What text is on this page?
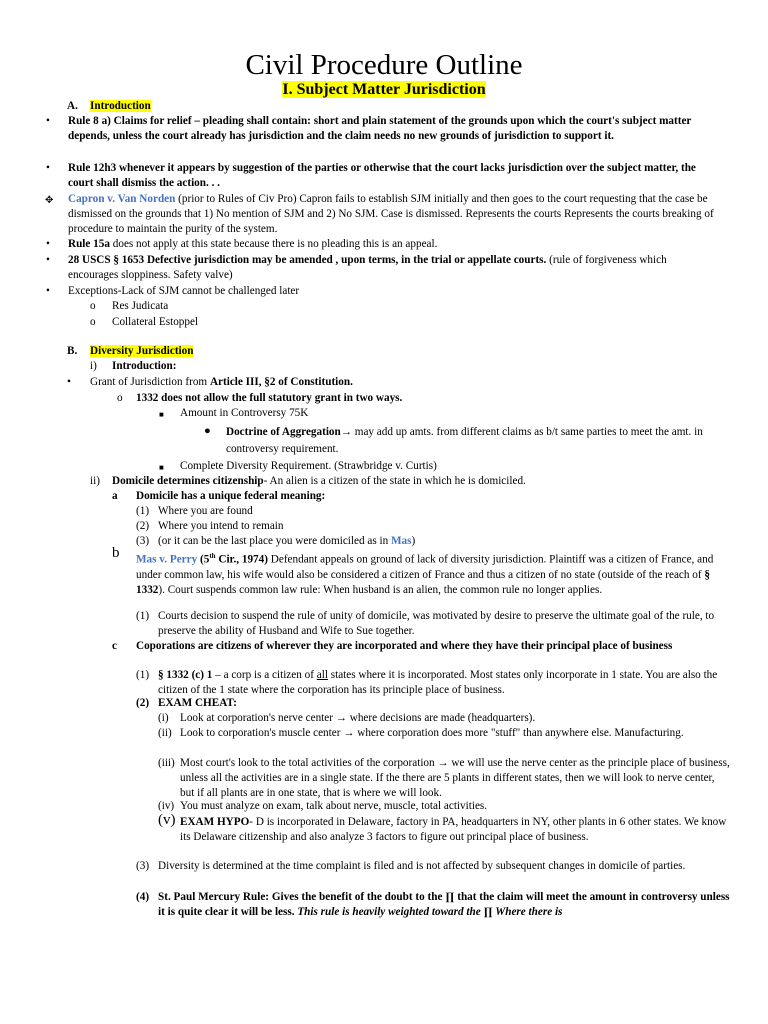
Civil Procedure Outline
I. Subject Matter Jurisdiction
A. Introduction
• Rule 8 a) Claims for relief – pleading shall contain: short and plain statement of the grounds upon which the court's subject matter depends, unless the court already has jurisdiction and the claim needs no new grounds of jurisdiction to support it.
• Rule 12h3 whenever it appears by suggestion of the parties or otherwise that the court lacks jurisdiction over the subject matter, the court shall dismiss the action. . .
✥ Capron v. Van Norden (prior to Rules of Civ Pro) Capron fails to establish SJM initially and then goes to the court requesting that the case be dismissed on the grounds that 1) No mention of SJM and 2) No SJM. Case is dismissed. Represents the courts Represents the courts breaking of procedure to maintain the purity of the system.
• Rule 15a does not apply at this state because there is no pleading this is an appeal.
• 28 USCS § 1653 Defective jurisdiction may be amended , upon terms, in the trial or appellate courts. (rule of forgiveness which encourages sloppiness. Safety valve)
• Exceptions-Lack of SJM cannot be challenged later
o Res Judicata
o Collateral Estoppel
B. Diversity Jurisdiction
i) Introduction:
• Grant of Jurisdiction from Article III, §2 of Constitution.
o 1332 does not allow the full statutory grant in two ways.
■ Amount in Controversy 75K
● Doctrine of Aggregation→ may add up amts. from different claims as b/t same parties to meet the amt. in controversy requirement.
■ Complete Diversity Requirement. (Strawbridge v. Curtis)
ii) Domicile determines citizenship- An alien is a citizen of the state in which he is domiciled.
a Domicile has a unique federal meaning:
(1) Where you are found
(2) Where you intend to remain
(3) (or it can be the last place you were domiciled as in Mas)
b Mas v. Perry (5th Cir., 1974) Defendant appeals on ground of lack of diversity jurisdiction. Plaintiff was a citizen of France, and under common law, his wife would also be considered a citizen of France and thus a citizen of no state (outside of the reach of § 1332). Court suspends common law rule: When husband is an alien, the common rule no longer applies.
(1) Courts decision to suspend the rule of unity of domicile, was motivated by desire to preserve the ultimate goal of the rule, to preserve the ability of Husband and Wife to Sue together.
c Coporations are citizens of wherever they are incorporated and where they have their principal place of business
(1) § 1332 (c) 1 – a corp is a citizen of all states where it is incorporated. Most states only incorporate in 1 state. You are also the citizen of the 1 state where the corporation has its principle place of business.
(2) EXAM CHEAT:
(i) Look at corporation's nerve center → where decisions are made (headquarters).
(ii) Look to corporation's muscle center → where corporation does more "stuff" than anywhere else. Manufacturing.
(iii) Most court's look to the total activities of the corporation → we will use the nerve center as the principle place of business, unless all the activities are in a single state. If the there are 5 plants in different states, then we will look to nerve center, but if all plants are in one state, that is where we will look.
(iv) You must analyze on exam, talk about nerve, muscle, total activities.
(v) EXAM HYPO- D is incorporated in Delaware, factory in PA, headquarters in NY, other plants in 6 other states. We know its Delaware citizenship and also analyze 3 factors to figure out principal place of business.
(3) Diversity is determined at the time complaint is filed and is not affected by subsequent changes in domicile of parties.
(4) St. Paul Mercury Rule: Gives the benefit of the doubt to the ∏ that the claim will meet the amount in controversy unless it is quite clear it will be less. This rule is heavily weighted toward the ∏ Where there is
